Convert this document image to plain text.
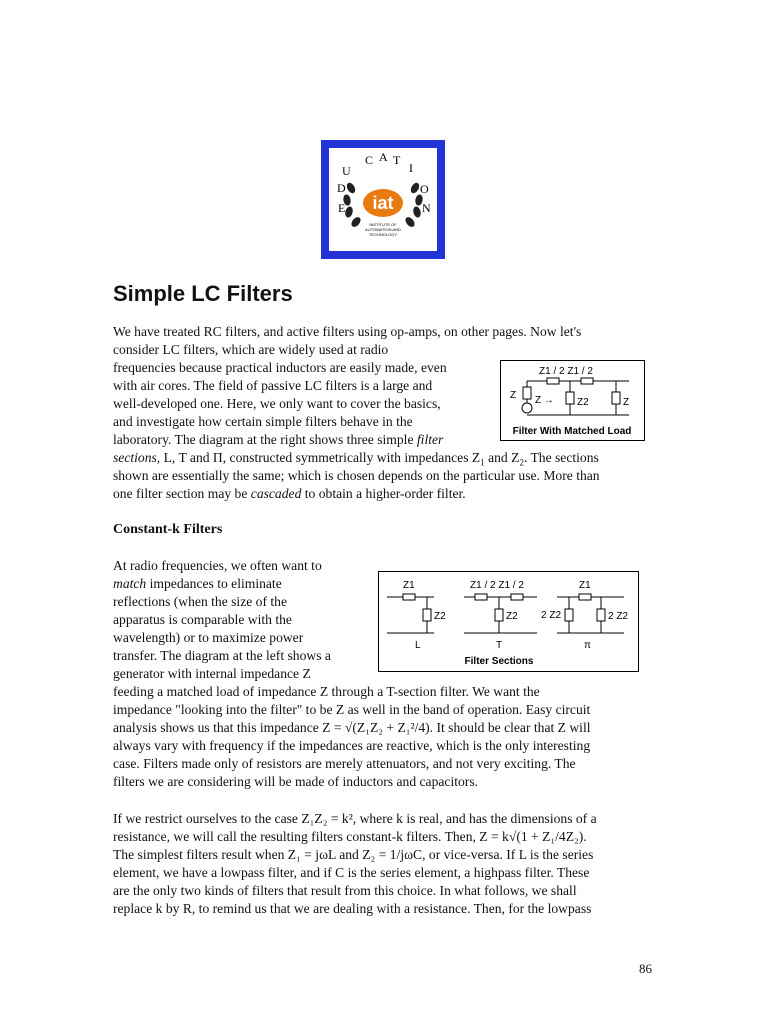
iat
U
C A T
I
O
N
D
E
INSTITUTE OF
AUTOMATION AND
TECHNOLOGY
Simple LC Filters
We have treated RC filters, and active filters using op-amps, on other pages. Now let's
consider LC filters, which are widely used at radio
frequencies because practical inductors are easily made, even
with air cores. The field of passive LC filters is a large and
well-developed one. Here, we only want to cover the basics,
and investigate how certain simple filters behave in the
laboratory. The diagram at the right shows three simple filter
sections, L, T and Π, constructed symmetrically with impedances $Z_1$ and $Z_2$. The sections
shown are essentially the same; which is chosen depends on the particular use. More than
one filter section may be cascaded to obtain a higher-order filter.
Z1 / 2 Z1 / 2
Z Z → Z2	Z
Filter With Matched Load
Constant-k Filters
At radio frequencies, we often want to
match impedances to eliminate
reflections (when the size of the
apparatus is comparable with the
wavelength) or to maximize power
transfer. The diagram at the left shows a
generator with internal impedance Z
feeding a matched load of impedance Z through a T-section filter. We want the
impedance "looking into the filter" to be Z as well in the band of operation. Easy circuit
analysis shows us that this impedance Z = √(Z₁Z₂ + Z₁²/4). It should be clear that Z will
always vary with frequency if the impedances are reactive, which is the only interesting
case. Filters made only of resistors are merely attenuators, and not very exciting. The
filters we are considering will be made of inductors and capacitors.
Z1
Z2
Z1 / 2 Z1 / 2
Z2
Z1
2 Z2	2 Z2
L	T	π
Filter Sections
If we restrict ourselves to the case Z₁Z₂ = k², where k is real, and has the dimensions of a
resistance, we will call the resulting filters constant-k filters. Then, Z = k√(1 + Z₁/4Z₂).
The simplest filters result when Z₁ = jωL and Z₂ = 1/jωC, or vice-versa. If L is the series
element, we have a lowpass filter, and if C is the series element, a highpass filter. These
are the only two kinds of filters that result from this choice. In what follows, we shall
replace k by R, to remind us that we are dealing with a resistance. Then, for the lowpass
86
